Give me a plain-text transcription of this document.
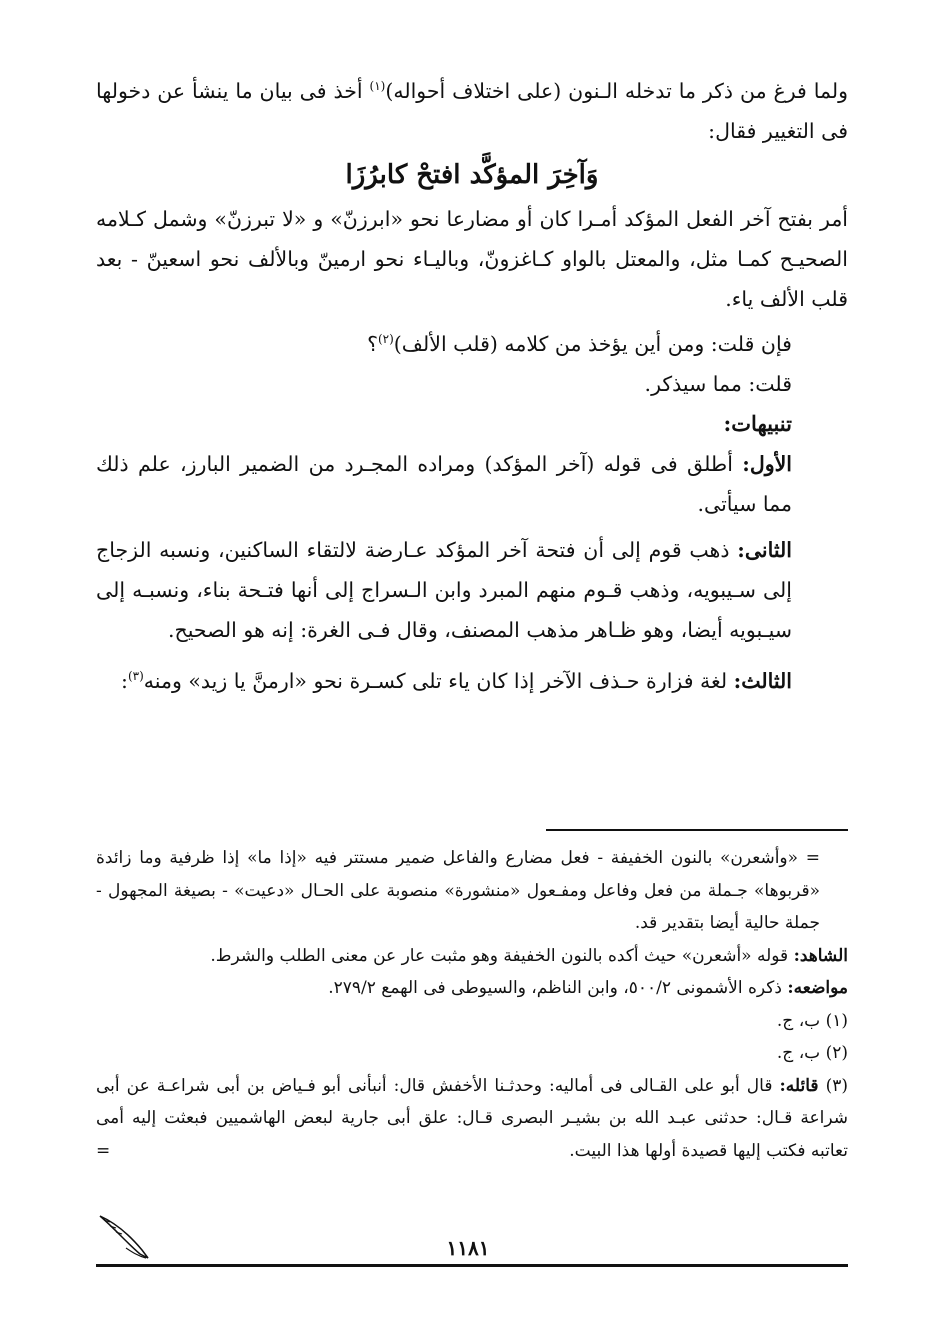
ولما فرغ من ذكر ما تدخله الـنون (على اختلاف أحواله)$^{(١)}$ أخذ فى بيان ما ينشأ عن دخولها فى التغيير فقال:

وَآخِرَ المؤكَّد افتحْ كابرُزَا

أمر بفتح آخر الفعل المؤكد أمـرا كان أو مضارعا نحو «ابرزنّ» و «لا تبرزنّ» وشمل كـلامه الصحيـح كمـا مثل، والمعتل بالواو كـاغزونّ، وباليـاء نحو ارمينّ وبالألف نحو اسعينّ - بعد قلب الألف ياء.

فإن قلت: ومن أين يؤخذ من كلامه (قلب الألف)$^{(٢)}$؟

قلت: مما سيذكر.

تنبيهات:

الأول: أطلق فى قوله (آخر المؤكد) ومراده المجـرد من الضمير البارز، علم ذلك مما سيأتى.

الثانى: ذهب قوم إلى أن فتحة آخر المؤكد عـارضة لالتقاء الساكنين، ونسبه الزجاج إلى سـيبويه، وذهب قـوم منهم المبرد وابن الـسراج إلى أنها فتـحة بناء، ونسبـه إلى سيـبويه أيضا، وهو ظـاهر مذهب المصنف، وقال فـى الغرة: إنه هو الصحيح.

الثالث: لغة فزارة حـذف الآخر إذا كان ياء تلى كسـرة نحو «ارمنَّ يا زيد» ومنه$^{(٣)}$:

= «وأشعرن» بالنون الخفيفة - فعل مضارع والفاعل ضمير مستتر فيه «إذا ما» إذا ظرفية وما زائدة «قربوها» جـملة من فعل وفاعل ومفـعول «منشورة» منصوبة على الحـال «دعيت» - بصيغة المجهول - جملة حالية أيضا بتقدير قد.

الشاهد: قوله «أشعرن» حيث أكده بالنون الخفيفة وهو مثبت عار عن معنى الطلب والشرط.

مواضعه: ذكره الأشمونى ٥٠٠/٢، وابن الناظم، والسيوطى فى الهمع ٢٧٩/٢.

(١) ب، ج.

(٢) ب، ج.

(٣) قائله: قال أبو على القـالى فى أماليه: وحدثـنا الأخفش قال: أنبأنى أبو فـياض بن أبى شراعـة عن أبى شراعة قـال: حدثنى عبـد الله بن بشيـر البصرى قـال: علق أبى جارية لبعض الهاشميين فبعثت إليه أمى تعاتبه فكتب إليها قصيدة أولها هذا البيت.
=

١١٨١
